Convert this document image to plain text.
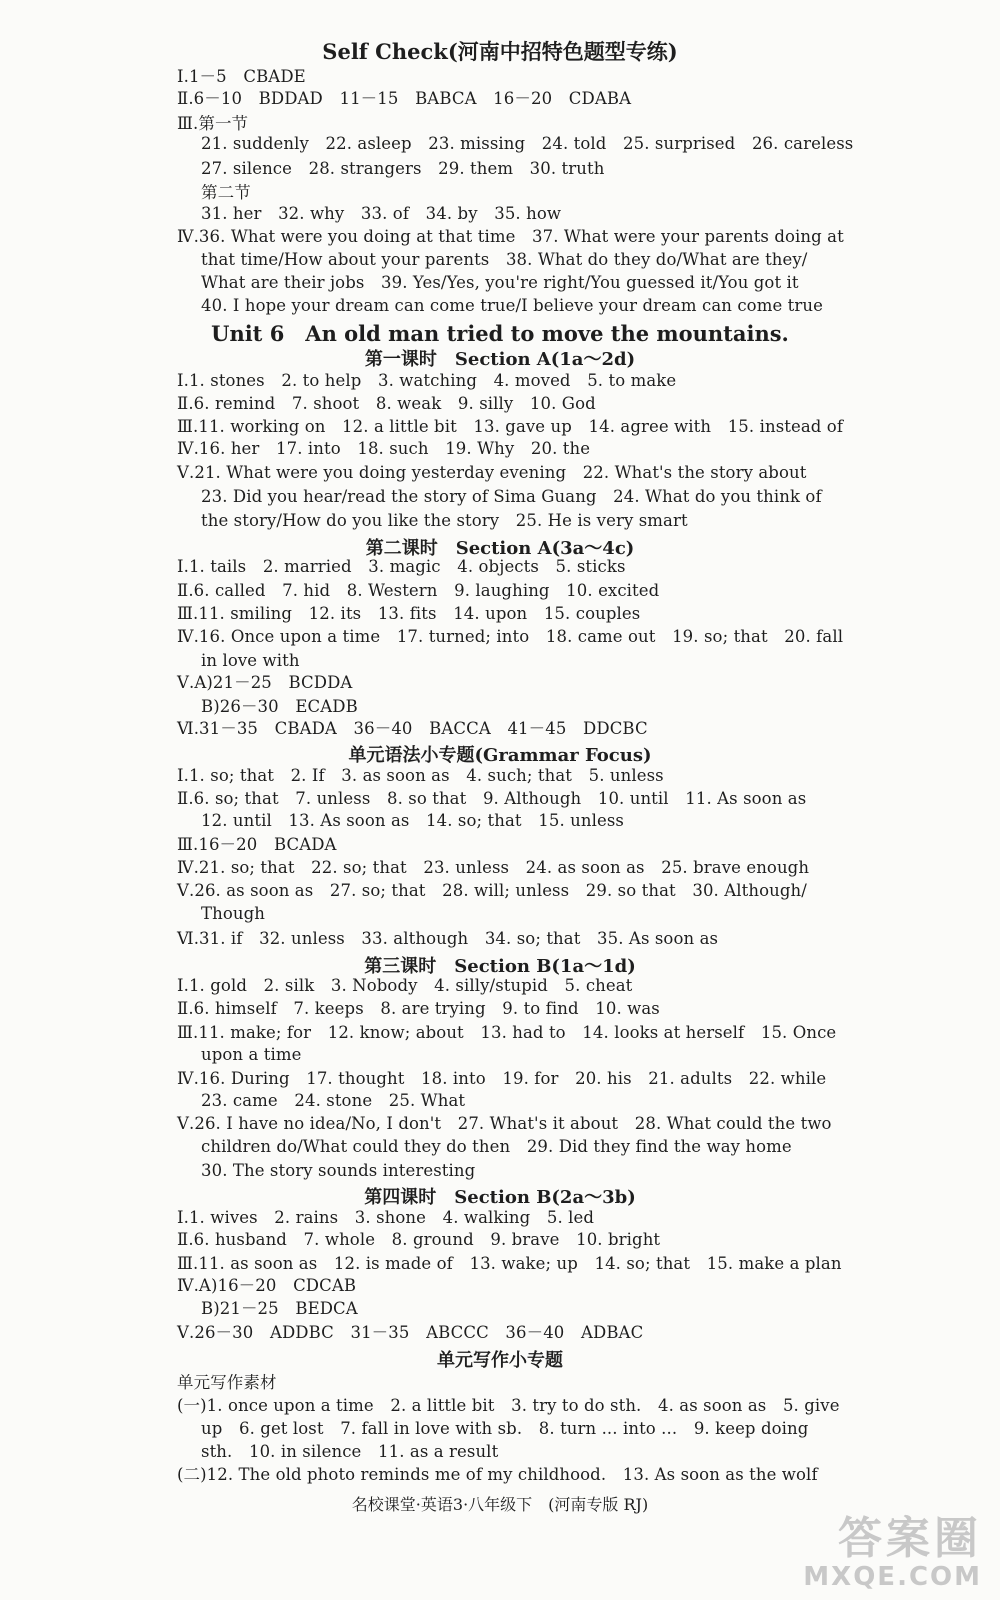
Self Check(河南中招特色题型专练)
Ⅰ.1－5　CBADE
Ⅱ.6－10　BDDAD　11－15　BABCA　16－20　CDABA
Ⅲ.第一节
21. suddenly　22. asleep　23. missing　24. told　25. surprised　26. careless
27. silence　28. strangers　29. them　30. truth
第二节
31. her　32. why　33. of　34. by　35. how
Ⅳ.36. What were you doing at that time　37. What were your parents doing at
that time/How about your parents　38. What do they do/What are they/
What are their jobs　39. Yes/Yes, you're right/You guessed it/You got it
40. I hope your dream can come true/I believe your dream can come true
Unit 6　An old man tried to move the mountains.
第一课时　Section A(1a～2d)
Ⅰ.1. stones　2. to help　3. watching　4. moved　5. to make
Ⅱ.6. remind　7. shoot　8. weak　9. silly　10. God
Ⅲ.11. working on　12. a little bit　13. gave up　14. agree with　15. instead of
Ⅳ.16. her　17. into　18. such　19. Why　20. the
Ⅴ.21. What were you doing yesterday evening　22. What's the story about
23. Did you hear/read the story of Sima Guang　24. What do you think of
the story/How do you like the story　25. He is very smart
第二课时　Section A(3a～4c)
Ⅰ.1. tails　2. married　3. magic　4. objects　5. sticks
Ⅱ.6. called　7. hid　8. Western　9. laughing　10. excited
Ⅲ.11. smiling　12. its　13. fits　14. upon　15. couples
Ⅳ.16. Once upon a time　17. turned; into　18. came out　19. so; that　20. fall
in love with
Ⅴ.A)21－25　BCDDA
B)26－30　ECADB
Ⅵ.31－35　CBADA　36－40　BACCA　41－45　DDCBC
单元语法小专题(Grammar Focus)
Ⅰ.1. so; that　2. If　3. as soon as　4. such; that　5. unless
Ⅱ.6. so; that　7. unless　8. so that　9. Although　10. until　11. As soon as
12. until　13. As soon as　14. so; that　15. unless
Ⅲ.16－20　BCADA
Ⅳ.21. so; that　22. so; that　23. unless　24. as soon as　25. brave enough
Ⅴ.26. as soon as　27. so; that　28. will; unless　29. so that　30. Although/
Though
Ⅵ.31. if　32. unless　33. although　34. so; that　35. As soon as
第三课时　Section B(1a～1d)
Ⅰ.1. gold　2. silk　3. Nobody　4. silly/stupid　5. cheat
Ⅱ.6. himself　7. keeps　8. are trying　9. to find　10. was
Ⅲ.11. make; for　12. know; about　13. had to　14. looks at herself　15. Once
upon a time
Ⅳ.16. During　17. thought　18. into　19. for　20. his　21. adults　22. while
23. came　24. stone　25. What
Ⅴ.26. I have no idea/No, I don't　27. What's it about　28. What could the two
children do/What could they do then　29. Did they find the way home
30. The story sounds interesting
第四课时　Section B(2a～3b)
Ⅰ.1. wives　2. rains　3. shone　4. walking　5. led
Ⅱ.6. husband　7. whole　8. ground　9. brave　10. bright
Ⅲ.11. as soon as　12. is made of　13. wake; up　14. so; that　15. make a plan
Ⅳ.A)16－20　CDCAB
B)21－25　BEDCA
Ⅴ.26－30　ADDBC　31－35　ABCCC　36－40　ADBAC
单元写作小专题
单元写作素材
(一)1. once upon a time　2. a little bit　3. try to do sth.　4. as soon as　5. give
up　6. get lost　7. fall in love with sb.　8. turn ... into ...　9. keep doing
sth.　10. in silence　11. as a result
(二)12. The old photo reminds me of my childhood.　13. As soon as the wolf
名校课堂·英语3·八年级下　(河南专版 RJ)
答案圈
MXQE.COM
